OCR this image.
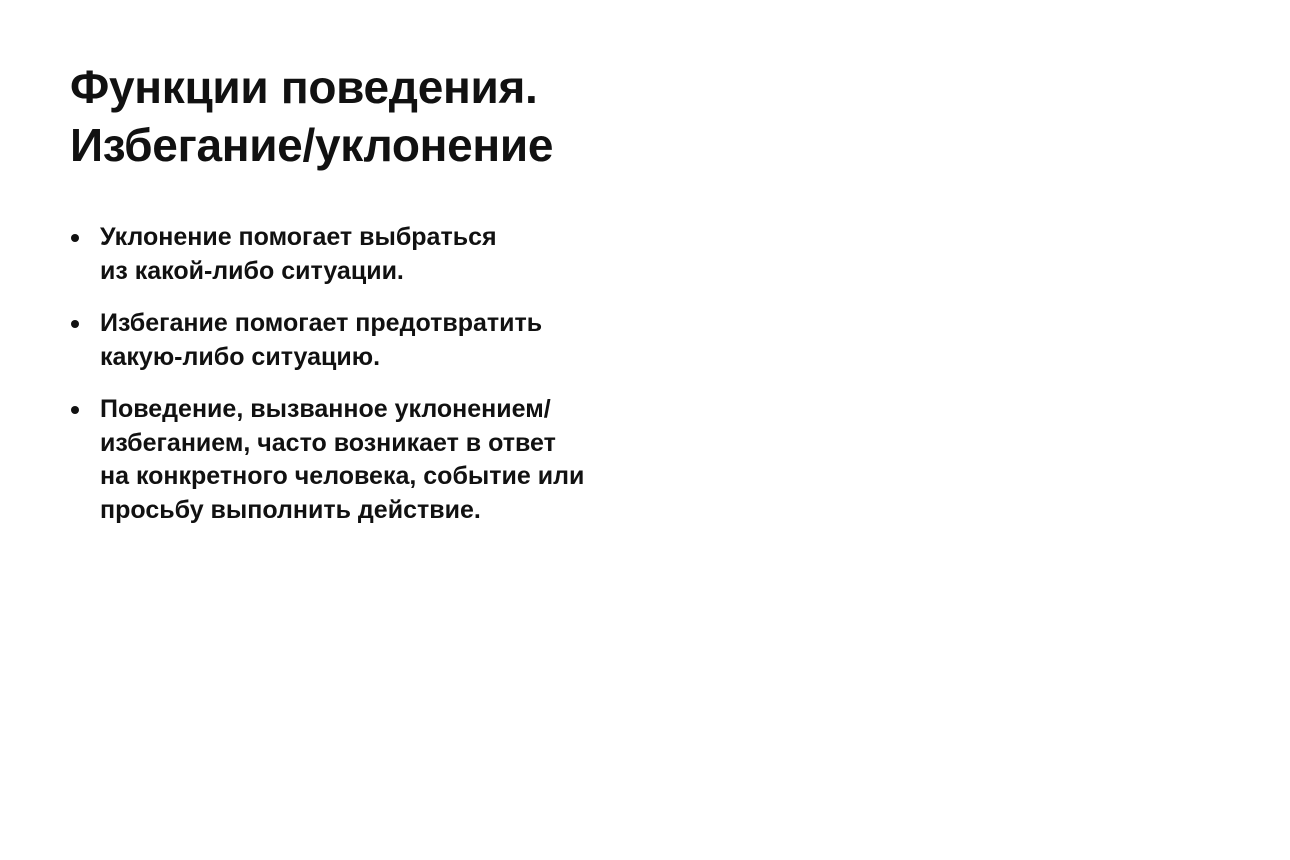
Функции поведения.
Избегание/уклонение
Уклонение помогает выбраться
из какой-либо ситуации.
Избегание помогает предотвратить
какую-либо ситуацию.
Поведение, вызванное уклонением/
избеганием, часто возникает в ответ
на конкретного человека, событие или
просьбу выполнить действие.
